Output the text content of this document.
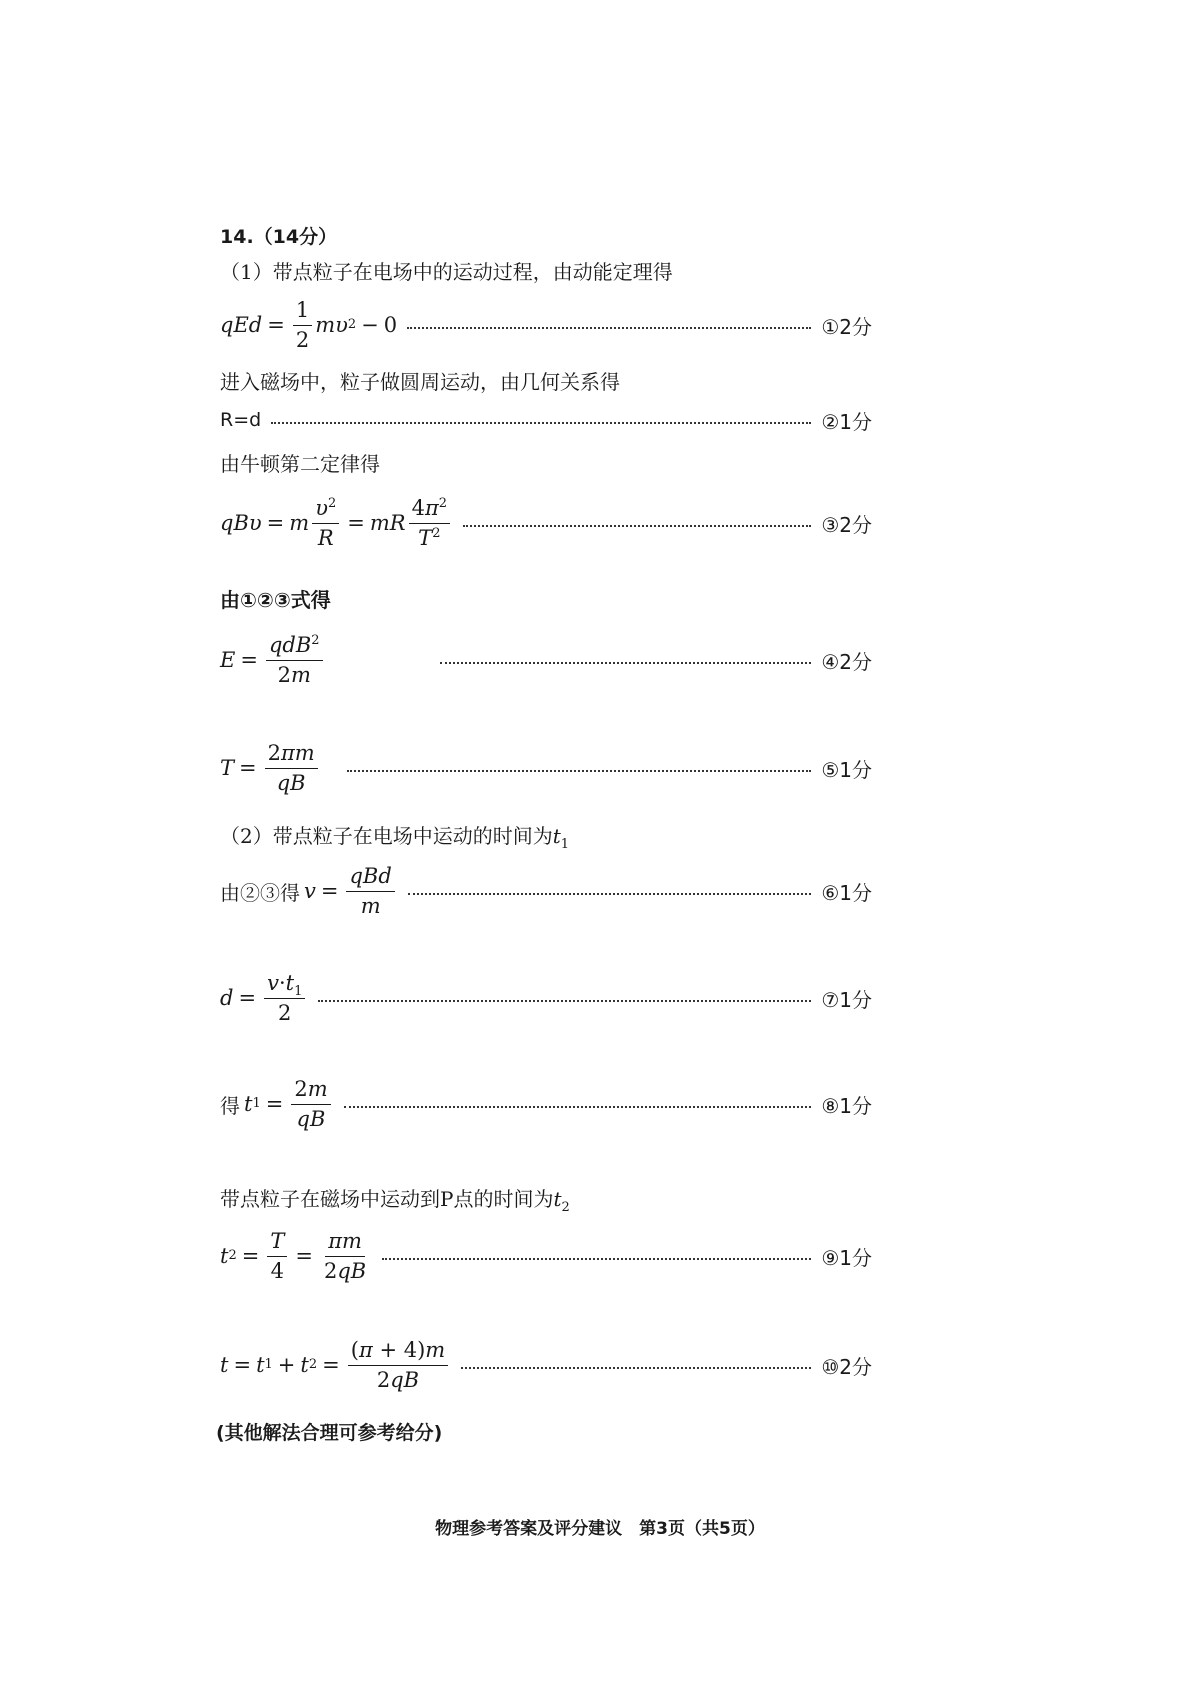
14.（14分）
（1）带点粒子在电场中的运动过程，由动能定理得
qEd = $\frac{1}{2}$ mυ 2 − 0	①2分
进入磁场中，粒子做圆周运动，由几何关系得
R=d	②1分
由牛顿第二定律得
qBυ = m $\frac{\upsilon^2}{R}$ = mR $\frac{4\pi^2}{T^2}$	③2分
由①②③式得
$E = \frac{qdB^2}{2m}$	④2分
$T = \frac{2\pi m}{qB}$	⑤1分
（2）带点粒子在电场中运动的时间为$t_1$
由②③得 $v = \frac{\text{qBd}}{m}$	⑥1分
$d = \frac{v\cdot t_1}{2}$	⑦1分
得 t $1 = \frac{2m}{qB}$	⑧1分
带点粒子在磁场中运动到P点的时间为$t_2$
t $2 = \frac{T}{4} = \frac{\pi m}{2qB}$	⑨1分
t = t 1 + t $2 = \frac{(\pi + 4)m}{2qB}$	⑩2分
(其他解法合理可参考给分)
物理参考答案及评分建议　第3页（共5页）
